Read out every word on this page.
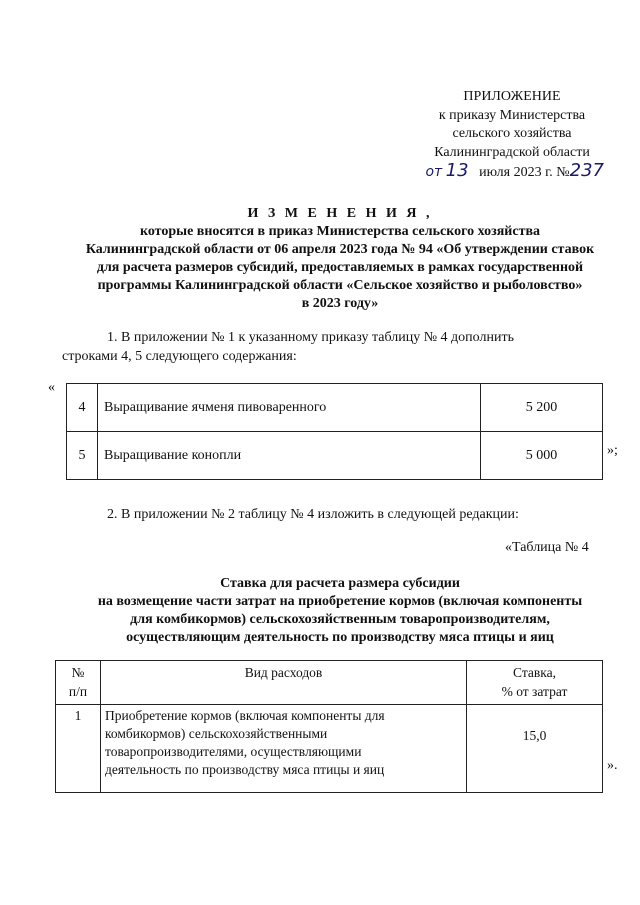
ПРИЛОЖЕНИЕ
к приказу Министерства
сельского хозяйства
Калининградской области
от 13 июля 2023 г. №237
И З М Е Н Е Н И Я ,
которые вносятся в приказ Министерства сельского хозяйства
Калининградской области от 06 апреля 2023 года № 94 «Об утверждении ставок
для расчета размеров субсидий, предоставляемых в рамках государственной
программы Калининградской области «Сельское хозяйство и рыболовство»
в 2023 году»
1. В приложении № 1 к указанному приказу таблицу № 4 дополнить
строками 4, 5 следующего содержания:
«
4	Выращивание ячменя пивоваренного	5 200
5	Выращивание конопли	5 000	»;
2. В приложении № 2 таблицу № 4 изложить в следующей редакции:
«Таблица № 4
Ставка для расчета размера субсидии
на возмещение части затрат на приобретение кормов (включая компоненты
для комбикормов) сельскохозяйственным товаропроизводителям,
осуществляющим деятельность по производству мяса птицы и яиц
№
п/п	Вид расходов	Ставка,
% от затрат

1	Приобретение кормов (включая компоненты для
комбикормов) сельскохозяйственными
товаропроизводителями, осуществляющими
деятельность по производству мяса птицы и яиц	15,0
».
